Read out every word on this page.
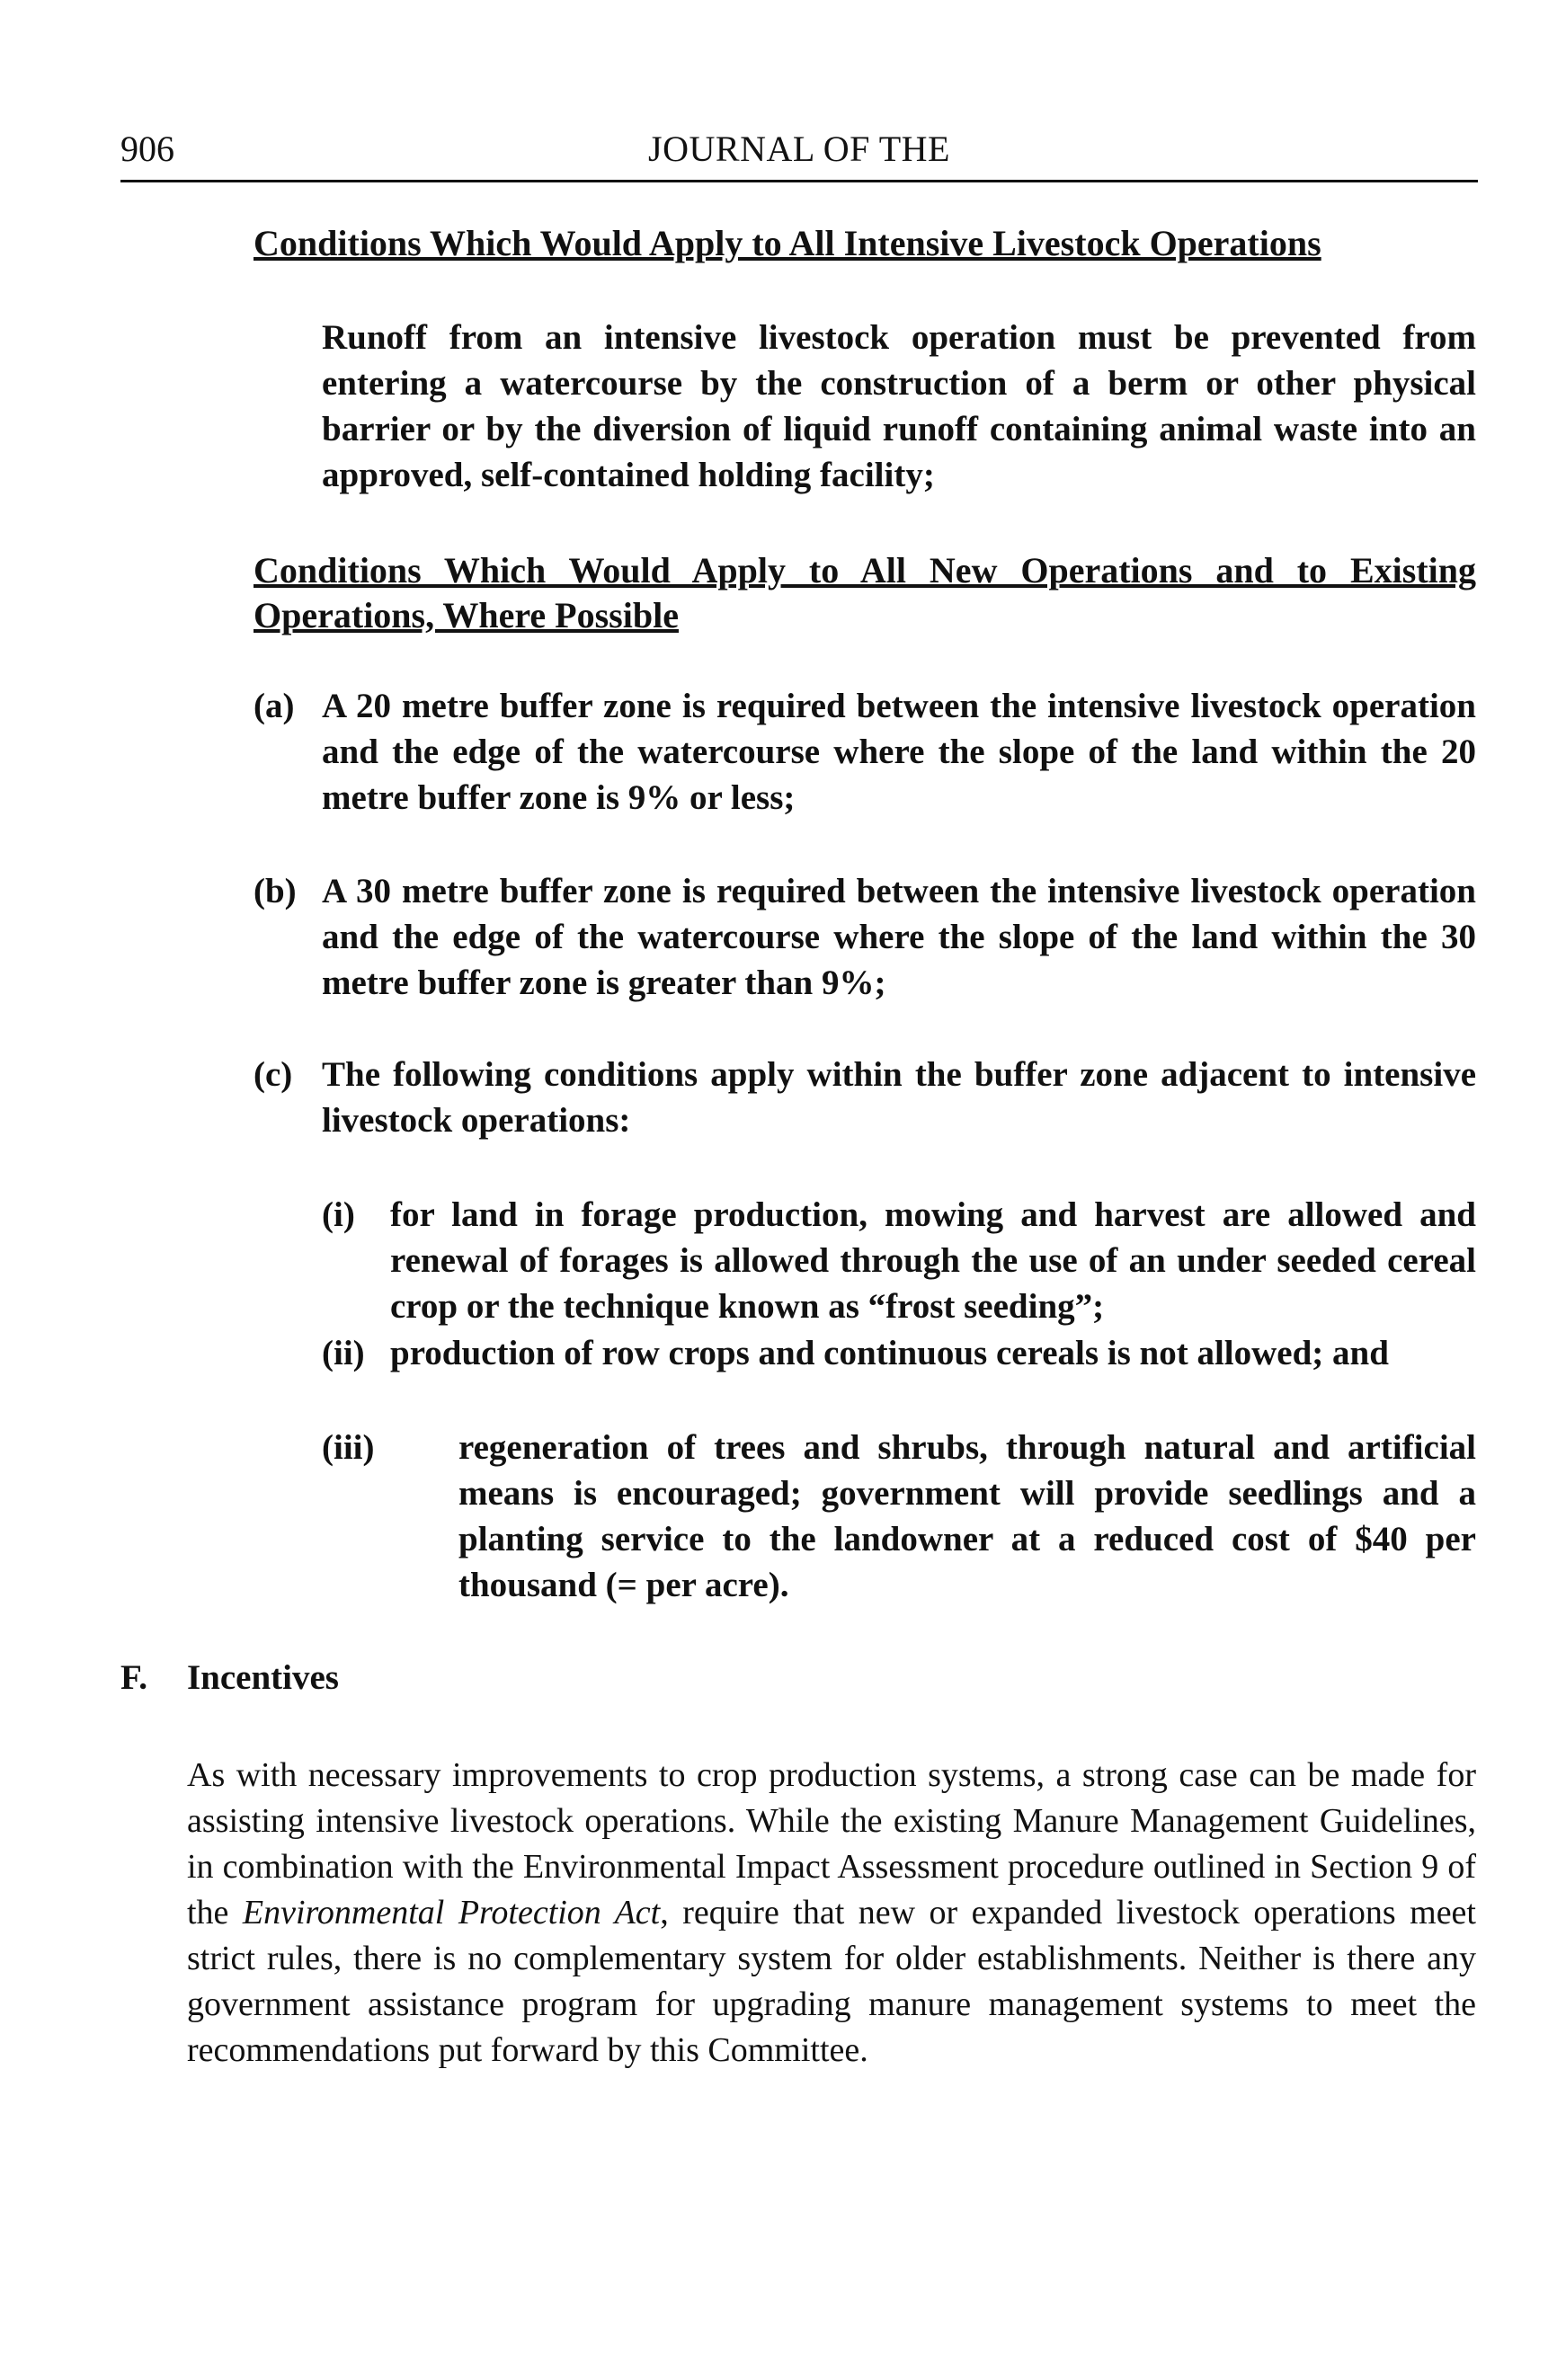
906	JOURNAL OF THE
Conditions Which Would Apply to All Intensive Livestock Operations
Runoff from an intensive livestock operation must be prevented from entering a watercourse by the construction of a berm or other physical barrier or by the diversion of liquid runoff containing animal waste into an approved, self-contained holding facility;
Conditions Which Would Apply to All New Operations and to Existing Operations, Where Possible
(a) A 20 metre buffer zone is required between the intensive livestock operation and the edge of the watercourse where the slope of the land within the 20 metre buffer zone is 9% or less;
(b) A 30 metre buffer zone is required between the intensive livestock operation and the edge of the watercourse where the slope of the land within the 30 metre buffer zone is greater than 9%;
(c) The following conditions apply within the buffer zone adjacent to intensive livestock operations:
(i) for land in forage production, mowing and harvest are allowed and renewal of forages is allowed through the use of an under seeded cereal crop or the technique known as “frost seeding”;
(ii) production of row crops and continuous cereals is not allowed; and
(iii) regeneration of trees and shrubs, through natural and artificial means is encouraged; government will provide seedlings and a planting service to the landowner at a reduced cost of $40 per thousand (= per acre).
F. Incentives
As with necessary improvements to crop production systems, a strong case can be made for assisting intensive livestock operations. While the existing Manure Management Guidelines, in combination with the Environmental Impact Assessment procedure outlined in Section 9 of the Environmental Protection Act, require that new or expanded livestock operations meet strict rules, there is no complementary system for older establishments. Neither is there any government assistance program for upgrading manure management systems to meet the recommendations put forward by this Committee.
